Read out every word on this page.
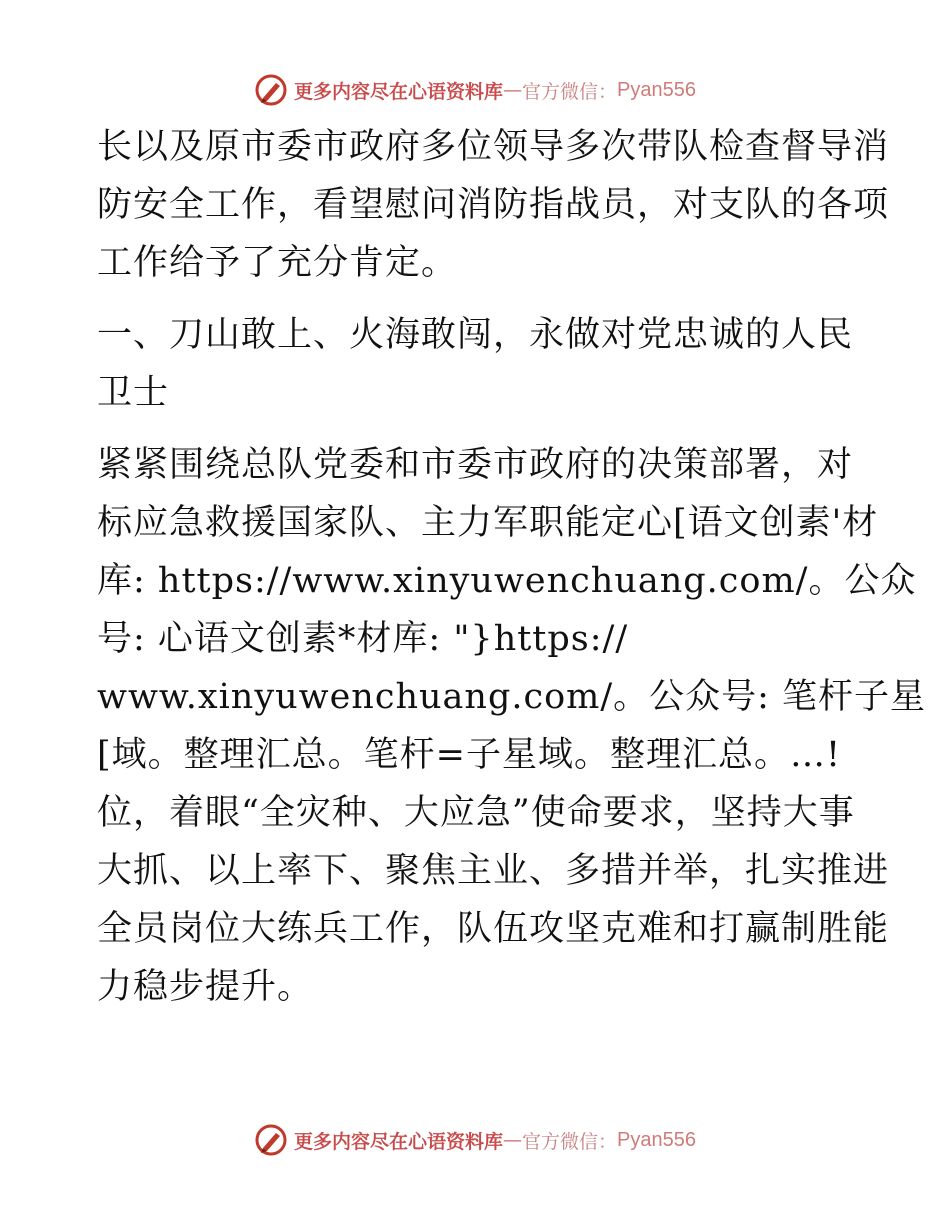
更多内容尽在心语资料库 — 官方微信： Pyan556
长以及原市委市政府多位领导多次带队检查督导消
防安全工作，看望慰问消防指战员，对支队的各项
工作给予了充分肯定。
一、刀山敢上、火海敢闯，永做对党忠诚的人民
卫士
紧紧围绕总队党委和市委市政府的决策部署，对
标应急救援国家队、主力军职能定心[语文创素'材
库: https://www.xinyuwenchuang.com/。公众
号: 心语文创素*材库: "}https://
www.xinyuwenchuang.com/。公众号: 笔杆子星
[域。整理汇总。笔杆=子星域。整理汇总。…!
位，着眼“全灾种、大应急”使命要求，坚持大事
大抓、以上率下、聚焦主业、多措并举，扎实推进
全员岗位大练兵工作，队伍攻坚克难和打赢制胜能
力稳步提升。
更多内容尽在心语资料库 — 官方微信： Pyan556
